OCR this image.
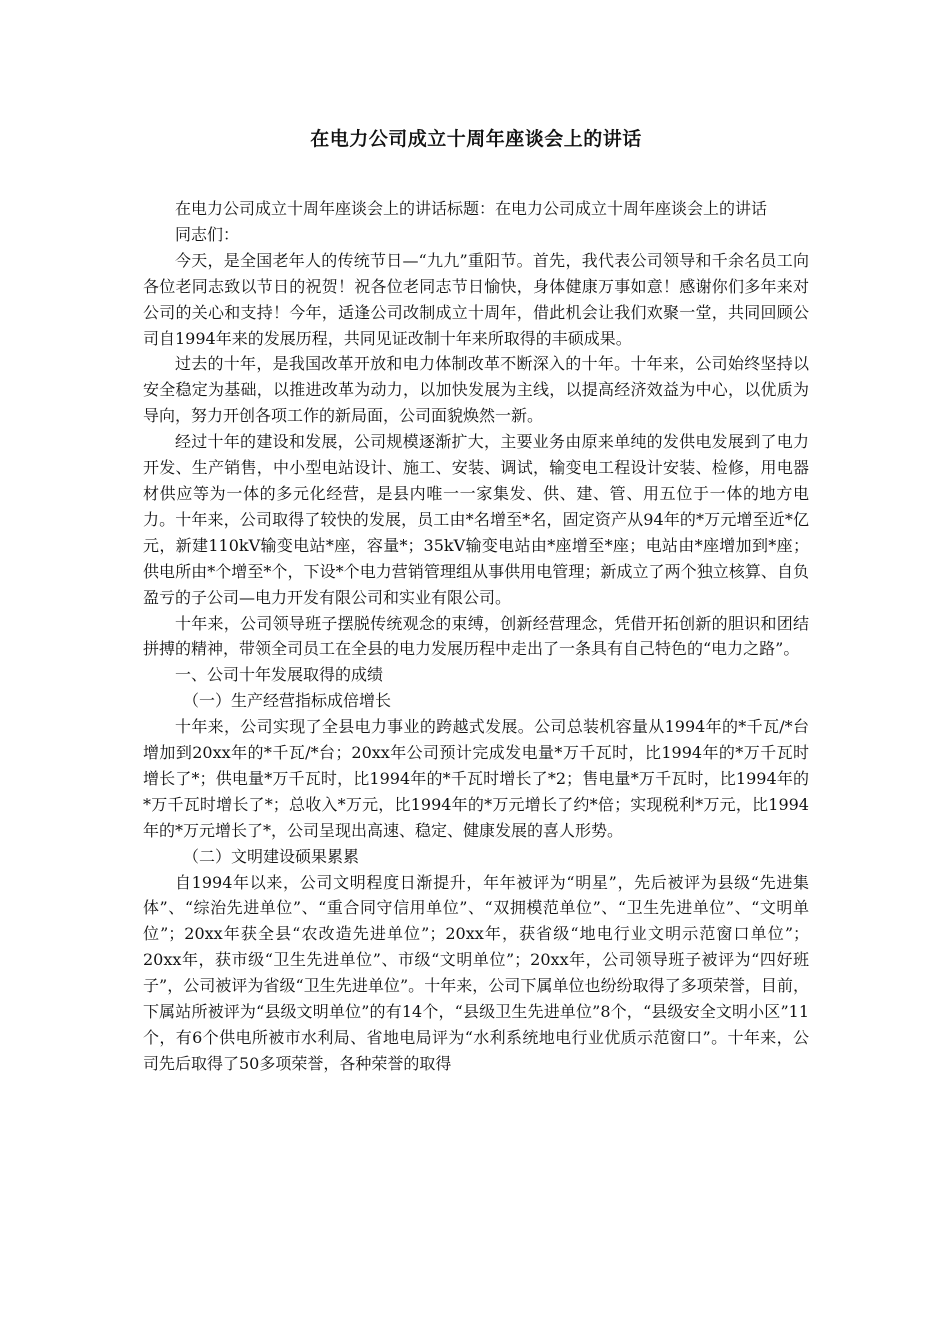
在电力公司成立十周年座谈会上的讲话

在电力公司成立十周年座谈会上的讲话标题：在电力公司成立十周年座谈会上的讲话

同志们：

今天，是全国老年人的传统节日—“九九”重阳节。首先，我代表公司领导和千余名员工向各位老同志致以节日的祝贺！祝各位老同志节日愉快，身体健康万事如意！感谢你们多年来对公司的关心和支持！今年，适逢公司改制成立十周年，借此机会让我们欢聚一堂，共同回顾公司自1994年来的发展历程，共同见证改制十年来所取得的丰硕成果。

过去的十年，是我国改革开放和电力体制改革不断深入的十年。十年来，公司始终坚持以安全稳定为基础，以推进改革为动力，以加快发展为主线，以提高经济效益为中心，以优质为导向，努力开创各项工作的新局面，公司面貌焕然一新。

经过十年的建设和发展，公司规模逐渐扩大，主要业务由原来单纯的发供电发展到了电力开发、生产销售，中小型电站设计、施工、安装、调试，输变电工程设计安装、检修，用电器材供应等为一体的多元化经营，是县内唯一一家集发、供、建、管、用五位于一体的地方电力。十年来，公司取得了较快的发展，员工由*名增至*名，固定资产从94年的*万元增至近*亿元，新建110kV输变电站*座，容量*；35kV输变电站由*座增至*座；电站由*座增加到*座；供电所由*个增至*个，下设*个电力营销管理组从事供用电管理；新成立了两个独立核算、自负盈亏的子公司—电力开发有限公司和实业有限公司。

十年来，公司领导班子摆脱传统观念的束缚，创新经营理念，凭借开拓创新的胆识和团结拼搏的精神，带领全司员工在全县的电力发展历程中走出了一条具有自己特色的“电力之路”。

一、公司十年发展取得的成绩

（一）生产经营指标成倍增长

十年来，公司实现了全县电力事业的跨越式发展。公司总装机容量从1994年的*千瓦/*台增加到20xx年的*千瓦/*台；20xx年公司预计完成发电量*万千瓦时，比1994年的*万千瓦时增长了*；供电量*万千瓦时，比1994年的*千瓦时增长了*2；售电量*万千瓦时，比1994年的*万千瓦时增长了*；总收入*万元，比1994年的*万元增长了约*倍；实现税利*万元，比1994年的*万元增长了*，公司呈现出高速、稳定、健康发展的喜人形势。

（二）文明建设硕果累累

自1994年以来，公司文明程度日渐提升，年年被评为“明星”，先后被评为县级“先进集体”、“综治先进单位”、“重合同守信用单位”、“双拥模范单位”、“卫生先进单位”、“文明单位”；20xx年获全县“农改造先进单位”；20xx年，获省级“地电行业文明示范窗口单位”；20xx年，获市级“卫生先进单位”、市级“文明单位”；20xx年，公司领导班子被评为“四好班子”，公司被评为省级“卫生先进单位”。十年来，公司下属单位也纷纷取得了多项荣誉，目前，下属站所被评为“县级文明单位”的有14个，“县级卫生先进单位”8个，“县级安全文明小区”11个，有6个供电所被市水利局、省地电局评为“水利系统地电行业优质示范窗口”。十年来，公司先后取得了50多项荣誉，各种荣誉的取得
